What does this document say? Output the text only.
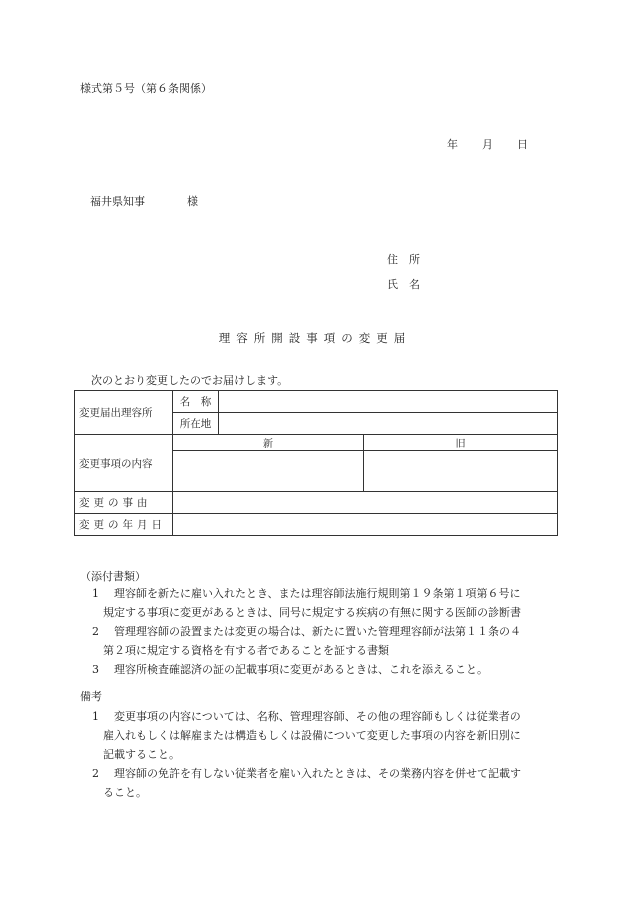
様式第５号（第６条関係）
年 月 日
福井県知事	様
住　所
氏　名
理容所開設事項の変更届
次のとおり変更したのでお届けします。
変更届出理容所	名　称		
	所在地		
変更事項の内容	新		旧

変更の事由			
変更の年月日			
（添付書類）
1 理容師を新たに雇い入れたとき、または理容師法施行規則第１９条第１項第６号に
規定する事項に変更があるときは、同号に規定する疾病の有無に関する医師の診断書
2 管理理容師の設置または変更の場合は、新たに置いた管理理容師が法第１１条の４
第２項に規定する資格を有する者であることを証する書類
3 理容所検査確認済の証の記載事項に変更があるときは、これを添えること。
備考
1 変更事項の内容については、名称、管理理容師、その他の理容師もしくは従業者の
雇入れもしくは解雇または構造もしくは設備について変更した事項の内容を新旧別に
記載すること。
2 理容師の免許を有しない従業者を雇い入れたときは、その業務内容を併せて記載す
ること。
